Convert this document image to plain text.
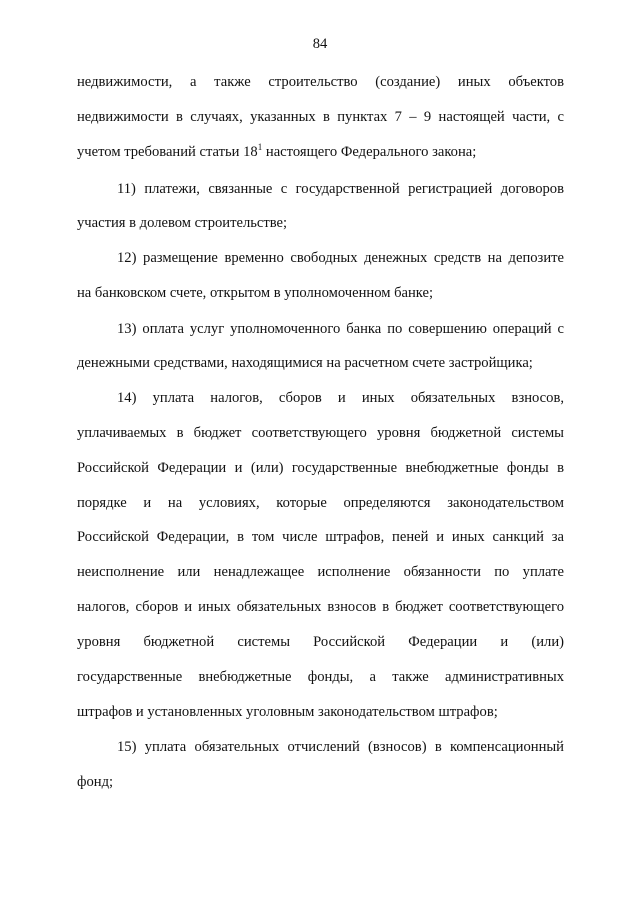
84
недвижимости, а также строительство (создание) иных объектов
недвижимости в случаях, указанных в пунктах 7 – 9 настоящей части, с
учетом требований статьи $18^1$ настоящего Федерального закона;
11) платежи, связанные с государственной регистрацией договоров
участия в долевом строительстве;
12) размещение временно свободных денежных средств на депозите
на банковском счете, открытом в уполномоченном банке;
13) оплата услуг уполномоченного банка по совершению операций с
денежными средствами, находящимися на расчетном счете застройщика;
14) уплата налогов, сборов и иных обязательных взносов,
уплачиваемых в бюджет соответствующего уровня бюджетной системы
Российской Федерации и (или) государственные внебюджетные фонды в
порядке и на условиях, которые определяются законодательством
Российской Федерации, в том числе штрафов, пеней и иных санкций за
неисполнение или ненадлежащее исполнение обязанности по уплате
налогов, сборов и иных обязательных взносов в бюджет соответствующего
уровня бюджетной системы Российской Федерации и (или)
государственные внебюджетные фонды, а также административных
штрафов и установленных уголовным законодательством штрафов;
15) уплата обязательных отчислений (взносов) в компенсационный
фонд;
